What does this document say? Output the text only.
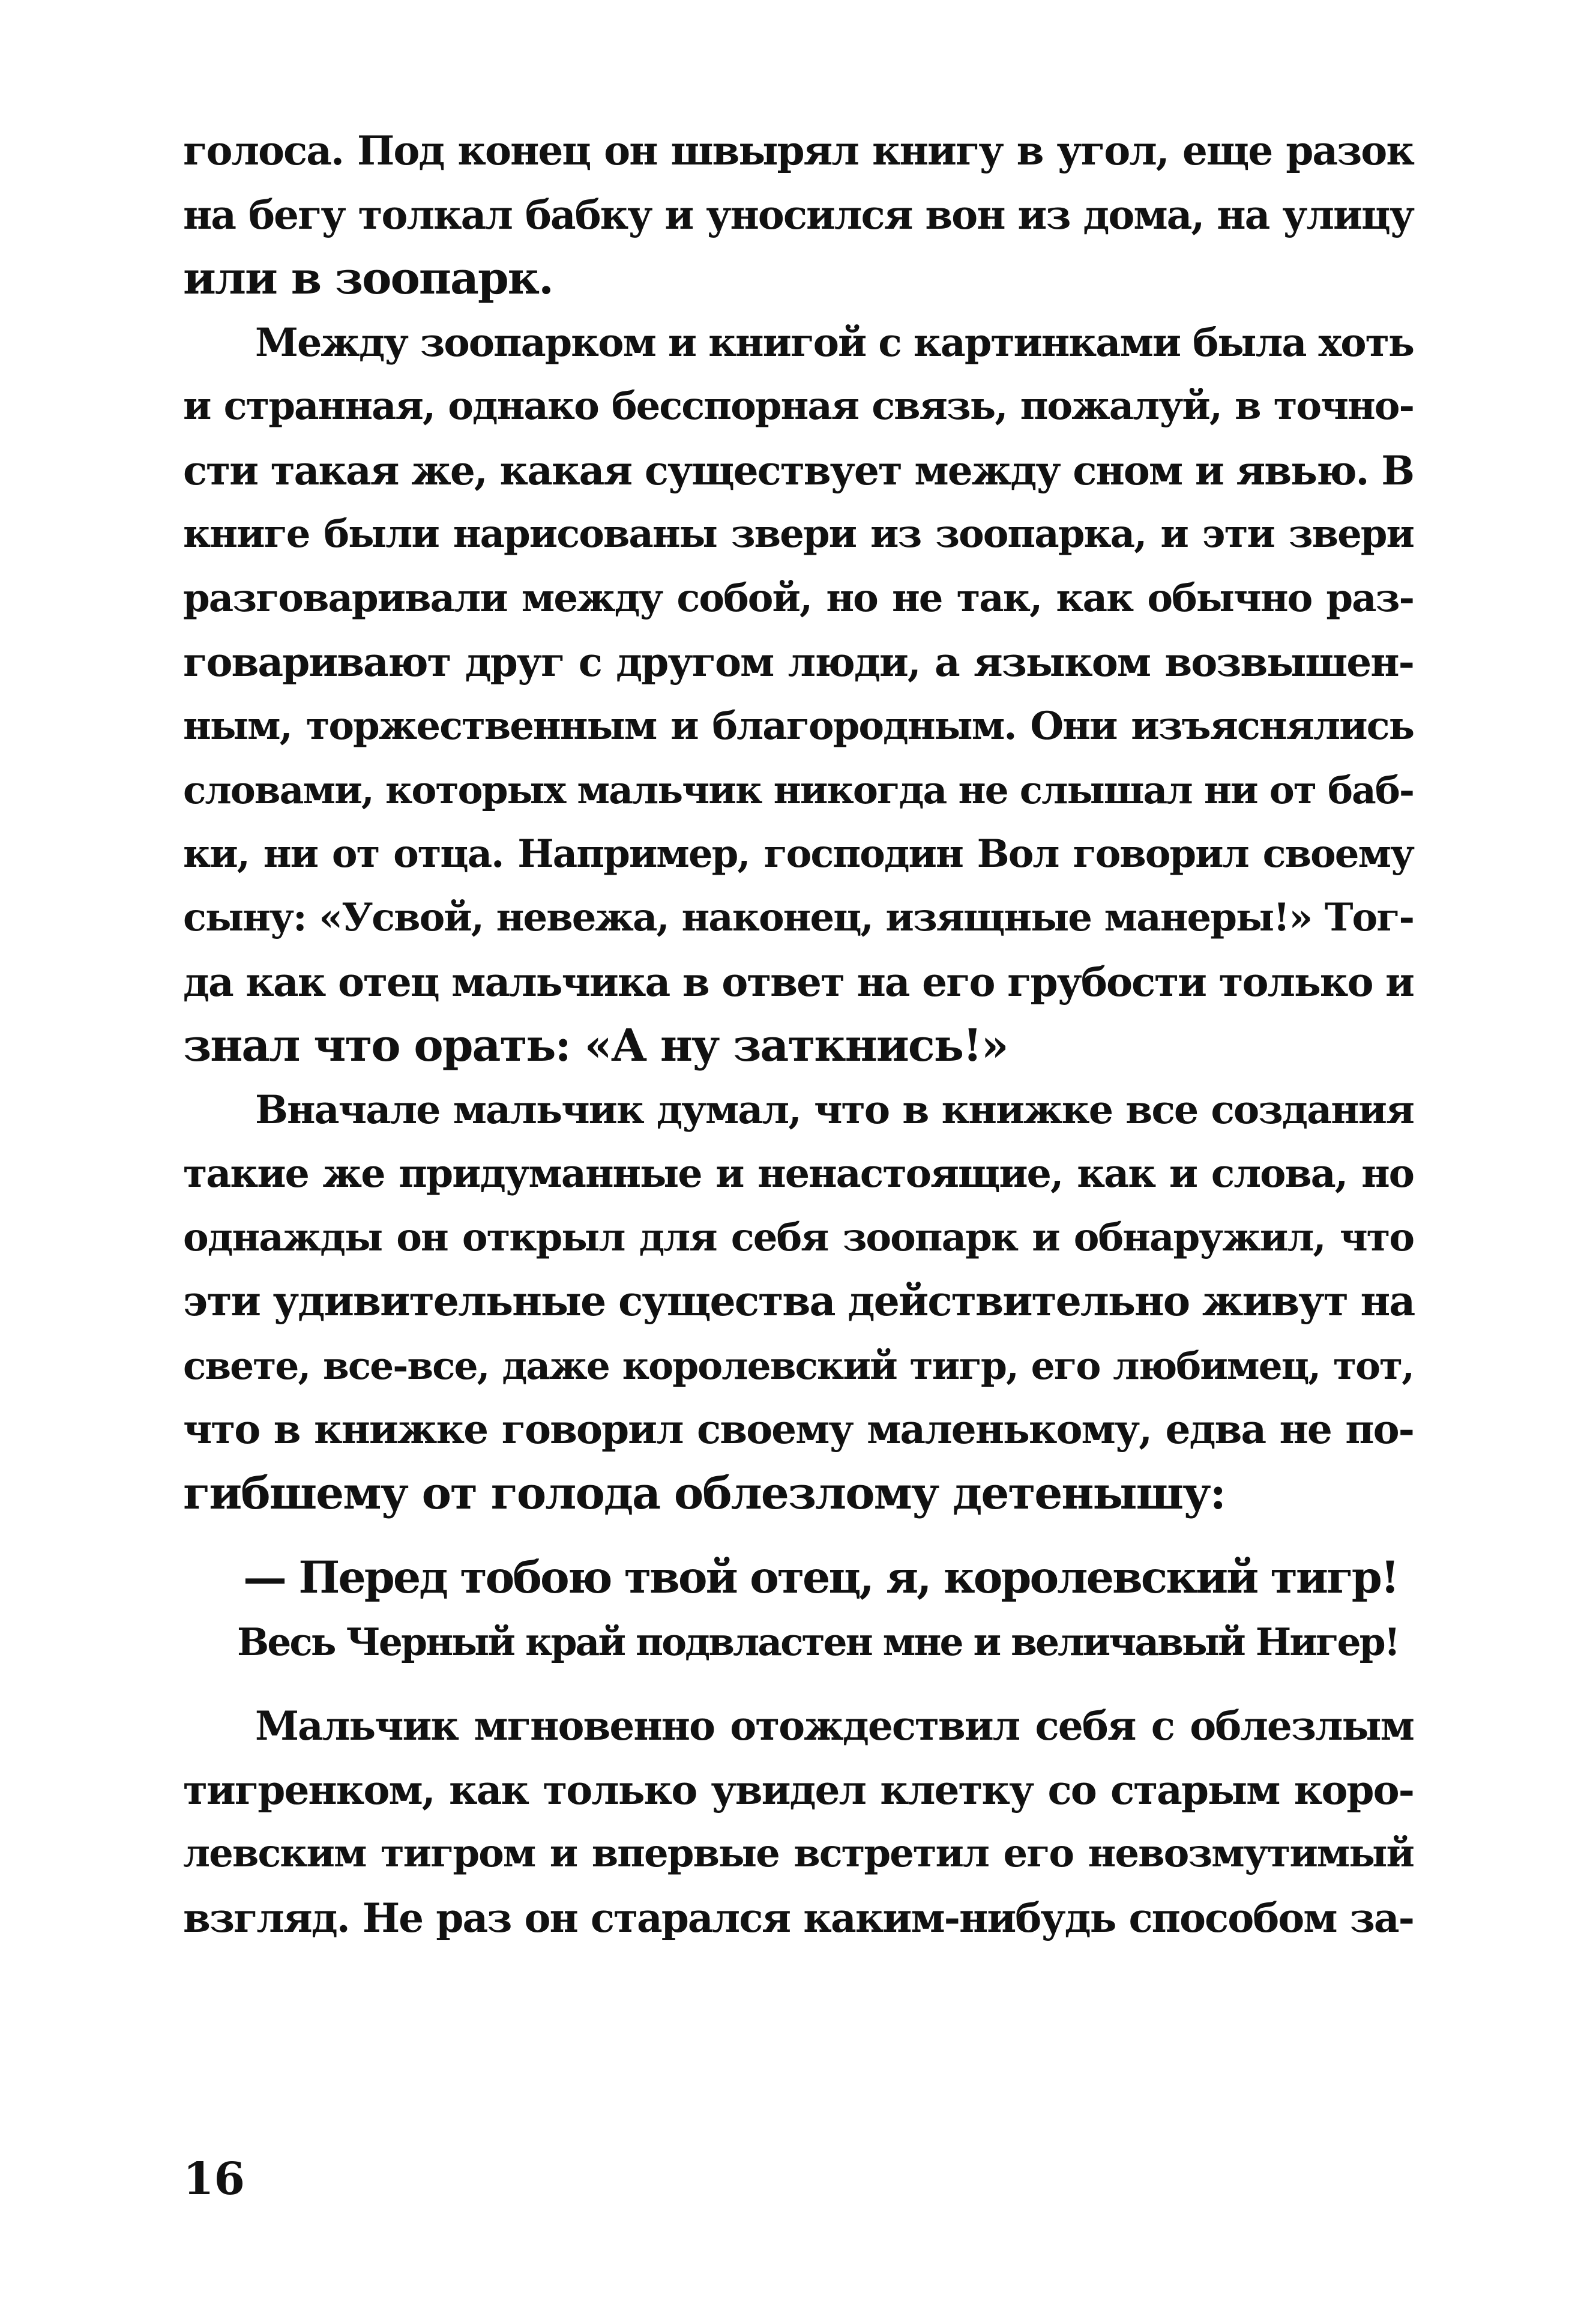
голоса. Под конец он швырял книгу в угол, еще разок
на бегу толкал бабку и уносился вон из дома, на улицу
или в зоопарк.
Между зоопарком и книгой с картинками была хоть
и странная, однако бесспорная связь, пожалуй, в точно-
сти такая же, какая существует между сном и явью. В
книге были нарисованы звери из зоопарка, и эти звери
разговаривали между собой, но не так, как обычно раз-
говаривают друг с другом люди, а языком возвышен-
ным, торжественным и благородным. Они изъяснялись
словами, которых мальчик никогда не слышал ни от баб-
ки, ни от отца. Например, господин Вол говорил своему
сыну: «Усвой, невежа, наконец, изящные манеры!» Тог-
да как отец мальчика в ответ на его грубости только и
знал что орать: «А ну заткнись!»
Вначале мальчик думал, что в книжке все создания
такие же придуманные и ненастоящие, как и слова, но
однажды он открыл для себя зоопарк и обнаружил, что
эти удивительные существа действительно живут на
свете, все-все, даже королевский тигр, его любимец, тот,
что в книжке говорил своему маленькому, едва не по-
гибшему от голода облезлому детенышу:
— Перед тобою твой отец, я, королевский тигр!
Весь Черный край подвластен мне и величавый Нигер!
Мальчик мгновенно отождествил себя с облезлым
тигренком, как только увидел клетку со старым коро-
левским тигром и впервые встретил его невозмутимый
взгляд. Не раз он старался каким-нибудь способом за-
16
